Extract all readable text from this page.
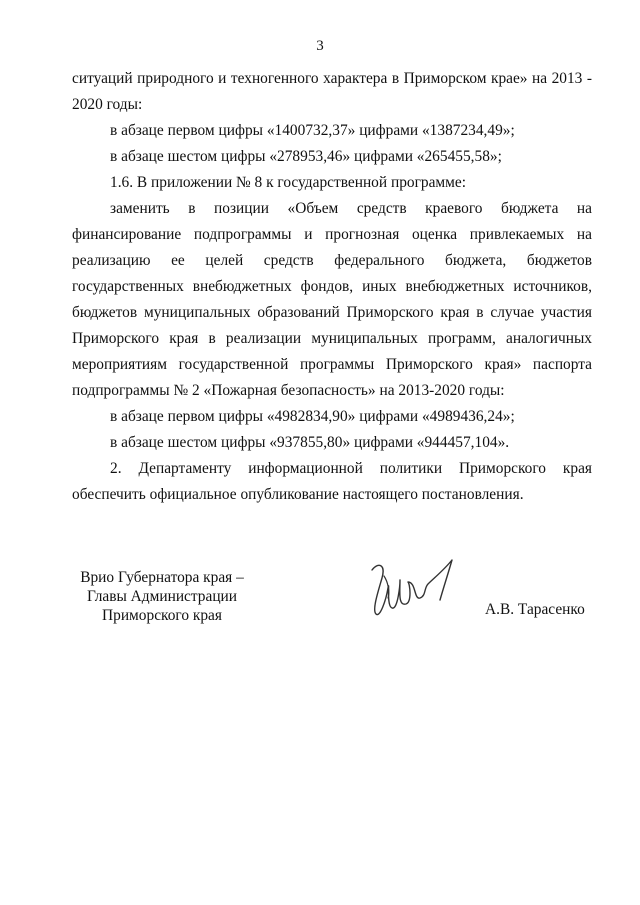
3

ситуаций природного и техногенного характера в Приморском крае» на 2013 - 2020 годы:

в абзаце первом цифры «1400732,37» цифрами «1387234,49»;

в абзаце шестом цифры «278953,46» цифрами «265455,58»;

1.6. В приложении № 8 к государственной программе:

заменить в позиции «Объем средств краевого бюджета на финансирование подпрограммы и прогнозная оценка привлекаемых на реализацию ее целей средств федерального бюджета, бюджетов государственных внебюджетных фондов, иных внебюджетных источников, бюджетов муниципальных образований Приморского края в случае участия Приморского края в реализации муниципальных программ, аналогичных мероприятиям государственной программы Приморского края» паспорта подпрограммы № 2 «Пожарная безопасность» на 2013-2020 годы:

в абзаце первом цифры «4982834,90» цифрами «4989436,24»;

в абзаце шестом цифры «937855,80» цифрами «944457,104».

2. Департаменту информационной политики Приморского края обеспечить официальное опубликование настоящего постановления.

Врио Губернатора края –
Главы Администрации
Приморского края	А.В. Тарасенко
